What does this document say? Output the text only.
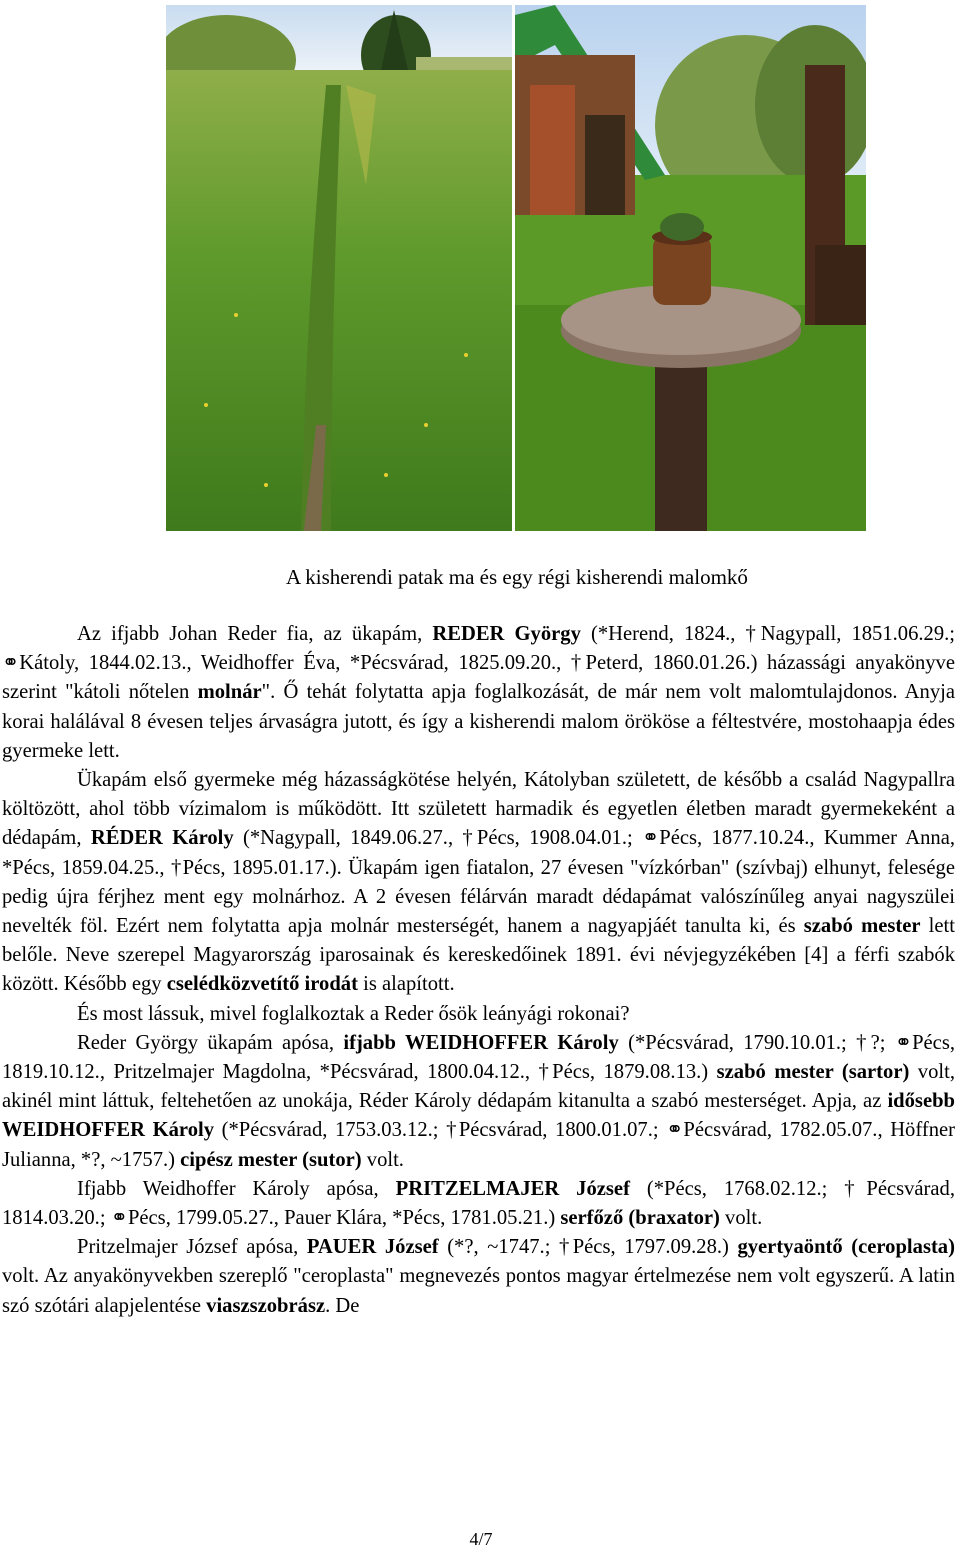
A kisherendi patak ma és egy régi kisherendi malomkő

Az ifjabb Johan Reder fia, az ükapám, REDER György (*Herend, 1824., †Nagypall, 1851.06.29.; ⚭Kátoly, 1844.02.13., Weidhoffer Éva, *Pécsvárad, 1825.09.20., †Peterd, 1860.01.26.) házassági anyakönyve szerint "kátoli nőtelen molnár". Ő tehát folytatta apja foglalkozását, de már nem volt malomtulajdonos. Anyja korai halálával 8 évesen teljes árvaságra jutott, és így a kisherendi malom örököse a féltestvére, mostohaapja édes gyermeke lett.

Ükapám első gyermeke még házasságkötése helyén, Kátolyban született, de később a család Nagypallra költözött, ahol több vízimalom is működött. Itt született harmadik és egyetlen életben maradt gyermekeként a dédapám, RÉDER Károly (*Nagypall, 1849.06.27., †Pécs, 1908.04.01.; ⚭Pécs, 1877.10.24., Kummer Anna, *Pécs, 1859.04.25., †Pécs, 1895.01.17.). Ükapám igen fiatalon, 27 évesen "vízkórban" (szívbaj) elhunyt, felesége pedig újra férjhez ment egy molnárhoz. A 2 évesen félárván maradt dédapámat valószínűleg anyai nagyszülei nevelték föl. Ezért nem folytatta apja molnár mesterségét, hanem a nagyapjáét tanulta ki, és szabó mester lett belőle. Neve szerepel Magyarország iparosainak és kereskedőinek 1891. évi névjegyzékében [4] a férfi szabók között. Később egy cselédközvetítő irodát is alapított.

És most lássuk, mivel foglalkoztak a Reder ősök leányági rokonai?

Reder György ükapám apósa, ifjabb WEIDHOFFER Károly (*Pécsvárad, 1790.10.01.; †?; ⚭Pécs, 1819.10.12., Pritzelmajer Magdolna, *Pécsvárad, 1800.04.12., †Pécs, 1879.08.13.) szabó mester (sartor) volt, akinél mint láttuk, feltehetően az unokája, Réder Károly dédapám kitanulta a szabó mesterséget. Apja, az idősebb WEIDHOFFER Károly (*Pécsvárad, 1753.03.12.; †Pécsvárad, 1800.01.07.; ⚭Pécsvárad, 1782.05.07., Höffner Julianna, *?, ~1757.) cipész mester (sutor) volt.

Ifjabb Weidhoffer Károly apósa, PRITZELMAJER József (*Pécs, 1768.02.12.; †Pécsvárad, 1814.03.20.; ⚭Pécs, 1799.05.27., Pauer Klára, *Pécs, 1781.05.21.) serfőző (braxator) volt.

Pritzelmajer József apósa, PAUER József (*?, ~1747.; †Pécs, 1797.09.28.) gyertyaöntő (ceroplasta) volt. Az anyakönyvekben szereplő "ceroplasta" megnevezés pontos magyar értelmezése nem volt egyszerű. A latin szó szótári alapjelentése viaszszobrász. De

4/7
